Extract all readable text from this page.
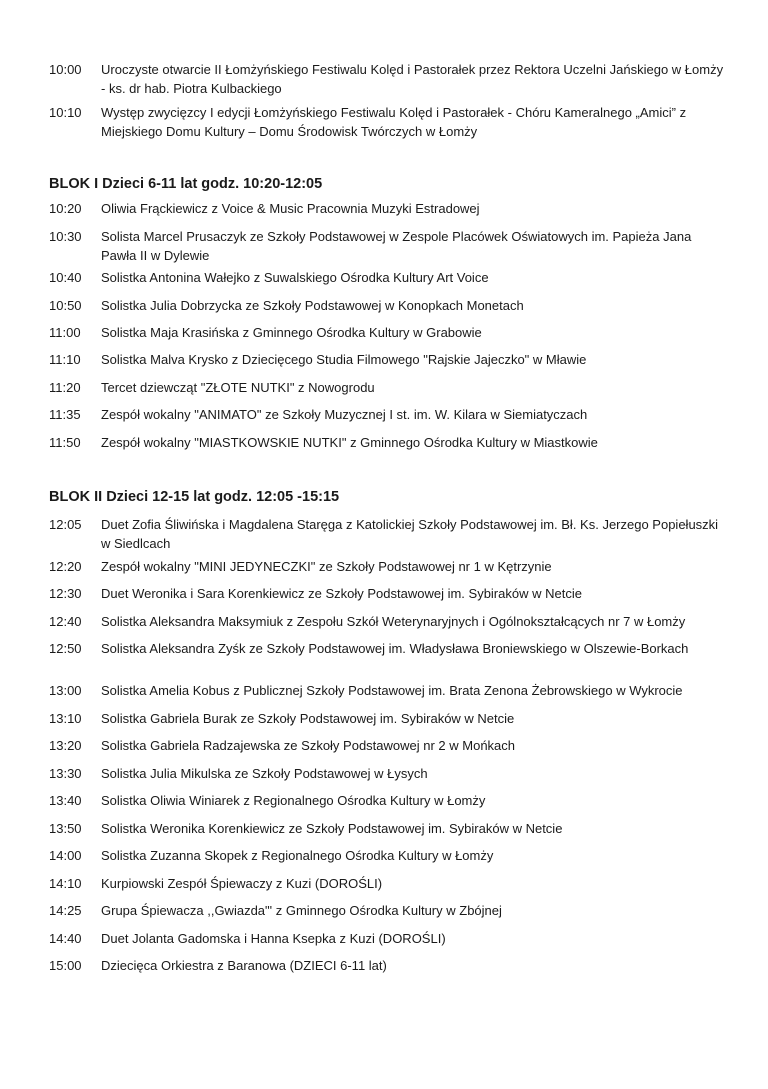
10:00	Uroczyste otwarcie II Łomżyńskiego Festiwalu Kolęd i Pastorałek przez Rektora Uczelni Jańskiego w Łomży - ks. dr hab. Piotra Kulbackiego
10:10	Występ zwycięzcy I edycji Łomżyńskiego Festiwalu Kolęd i Pastorałek - Chóru Kameralnego „Amici” z Miejskiego Domu Kultury – Domu Środowisk Twórczych w Łomży
BLOK I Dzieci 6-11 lat godz. 10:20-12:05
10:20	Oliwia Frąckiewicz z Voice & Music Pracownia Muzyki Estradowej
10:30	Solista Marcel Prusaczyk ze Szkoły Podstawowej w Zespole Placówek Oświatowych im. Papieża Jana Pawła II w Dylewie
10:40	Solistka Antonina Wałejko z Suwalskiego Ośrodka Kultury Art Voice
10:50	Solistka Julia Dobrzycka ze Szkoły Podstawowej w Konopkach Monetach
11:00	Solistka Maja Krasińska z Gminnego Ośrodka Kultury w Grabowie
11:10	Solistka Malva Krysko z Dziecięcego Studia Filmowego "Rajskie Jajeczko" w Mławie
11:20	Tercet dziewcząt "ZŁOTE NUTKI" z Nowogrodu
11:35	Zespół wokalny "ANIMATO" ze Szkoły Muzycznej I st. im. W. Kilara w Siemiatyczach
11:50	Zespół wokalny "MIASTKOWSKIE NUTKI" z Gminnego Ośrodka Kultury w Miastkowie
BLOK II Dzieci 12-15 lat godz. 12:05 -15:15
12:05	Duet Zofia Śliwińska i Magdalena Staręga z Katolickiej Szkoły Podstawowej im. Bł. Ks. Jerzego Popiełuszki w Siedlcach
12:20	Zespół wokalny "MINI JEDYNECZKI" ze Szkoły Podstawowej nr 1 w Kętrzynie
12:30	Duet Weronika i Sara Korenkiewicz ze Szkoły Podstawowej im. Sybiraków w Netcie
12:40	Solistka Aleksandra Maksymiuk z Zespołu Szkół Weterynaryjnych i Ogólnokształcących nr 7 w Łomży
12:50	Solistka Aleksandra Zyśk ze Szkoły Podstawowej im. Władysława Broniewskiego w Olszewie-Borkach
13:00	Solistka Amelia Kobus z Publicznej Szkoły Podstawowej im. Brata Zenona Żebrowskiego w Wykrocie
13:10	Solistka Gabriela Burak ze Szkoły Podstawowej im. Sybiraków w Netcie
13:20	Solistka Gabriela Radzajewska ze Szkoły Podstawowej nr 2 w Mońkach
13:30	Solistka Julia Mikulska ze Szkoły Podstawowej w Łysych
13:40	Solistka Oliwia Winiarek z Regionalnego Ośrodka Kultury w Łomży
13:50	Solistka Weronika Korenkiewicz ze Szkoły Podstawowej im. Sybiraków w Netcie
14:00	Solistka Zuzanna Skopek z Regionalnego Ośrodka Kultury w Łomży
14:10	Kurpiowski Zespół Śpiewaczy z Kuzi (DOROŚLI)
14:25	Grupa Śpiewacza ,,Gwiazda"' z Gminnego Ośrodka Kultury w Zbójnej
14:40	Duet Jolanta Gadomska i Hanna Ksepka z Kuzi (DOROŚLI)
15:00	Dziecięca Orkiestra z Baranowa (DZIECI 6-11 lat)
